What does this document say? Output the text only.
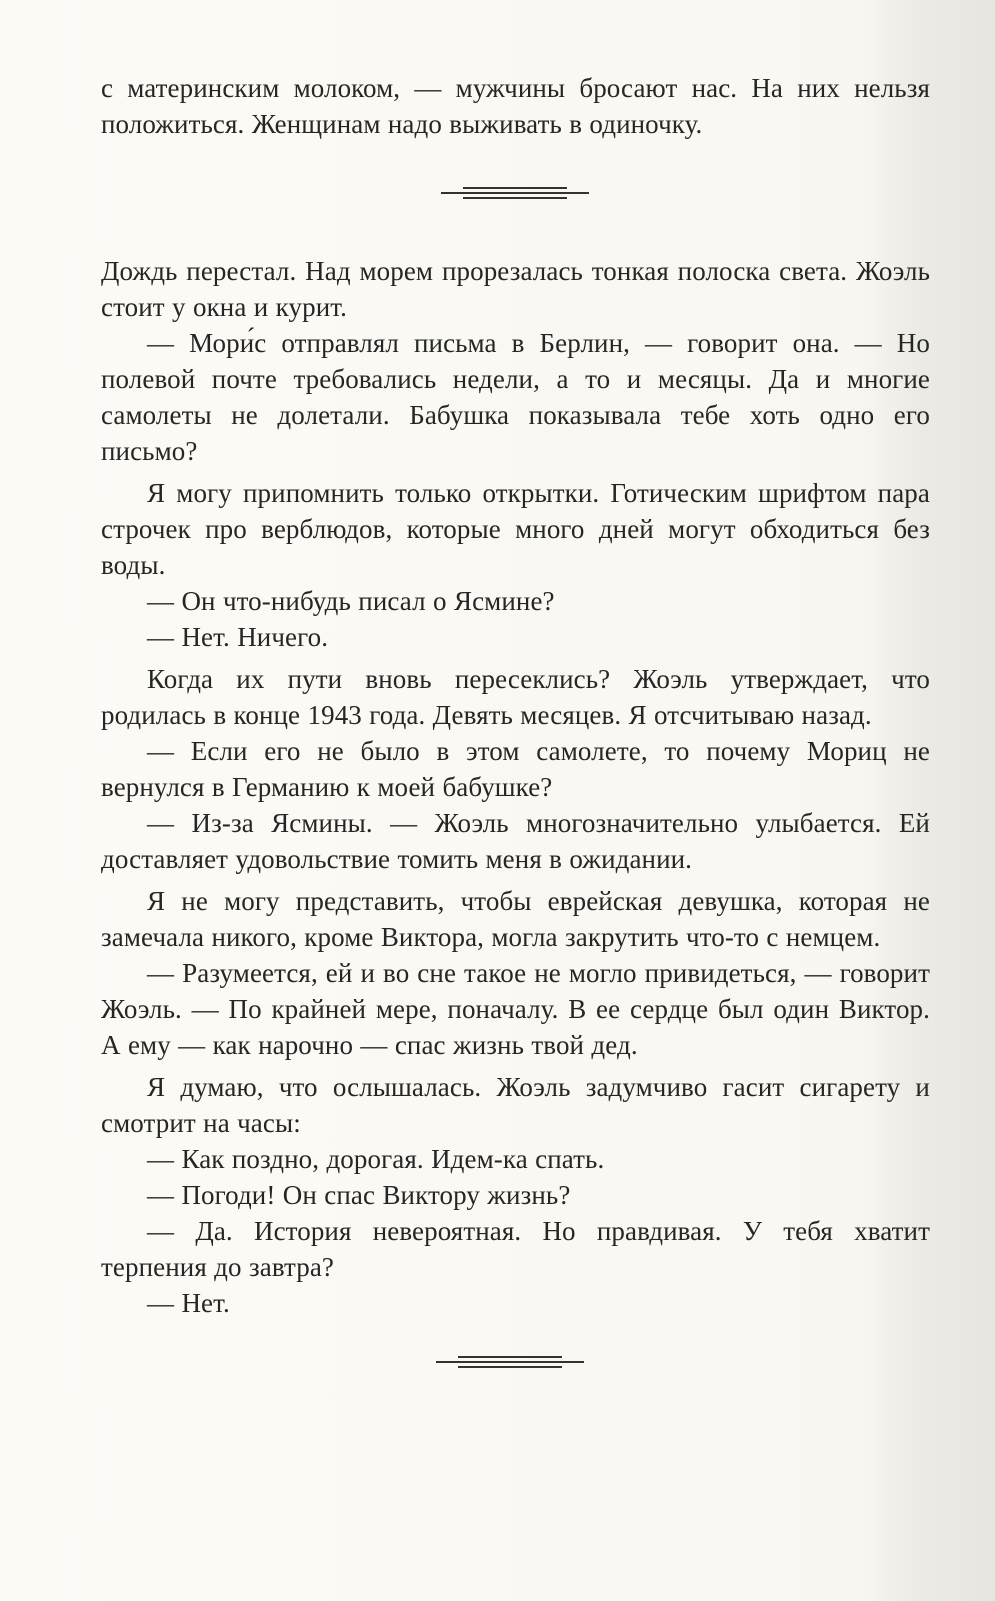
с материнским молоком, — мужчины бросают нас. На них нельзя положиться. Женщинам надо выживать в одиночку.

Дождь перестал. Над морем прорезалась тонкая полоска света. Жоэль стоит у окна и курит.

— Мори́с отправлял письма в Берлин, — говорит она. — Но полевой почте требовались недели, а то и месяцы. Да и многие самолеты не долетали. Бабушка показывала тебе хоть одно его письмо?

Я могу припомнить только открытки. Готическим шрифтом пара строчек про верблюдов, которые много дней могут обходиться без воды.

— Он что-нибудь писал о Ясмине?

— Нет. Ничего.

Когда их пути вновь пересеклись? Жоэль утверждает, что родилась в конце 1943 года. Девять месяцев. Я отсчитываю назад.

— Если его не было в этом самолете, то почему Мориц не вернулся в Германию к моей бабушке?

— Из-за Ясмины. — Жоэль многозначительно улыбается. Ей доставляет удовольствие томить меня в ожидании.

Я не могу представить, чтобы еврейская девушка, которая не замечала никого, кроме Виктора, могла закрутить что-то с немцем.

— Разумеется, ей и во сне такое не могло привидеться, — говорит Жоэль. — По крайней мере, поначалу. В ее сердце был один Виктор. А ему — как нарочно — спас жизнь твой дед.

Я думаю, что ослышалась. Жоэль задумчиво гасит сигарету и смотрит на часы:

— Как поздно, дорогая. Идем-ка спать.

— Погоди! Он спас Виктору жизнь?

— Да. История невероятная. Но правдивая. У тебя хватит терпения до завтра?

— Нет.
